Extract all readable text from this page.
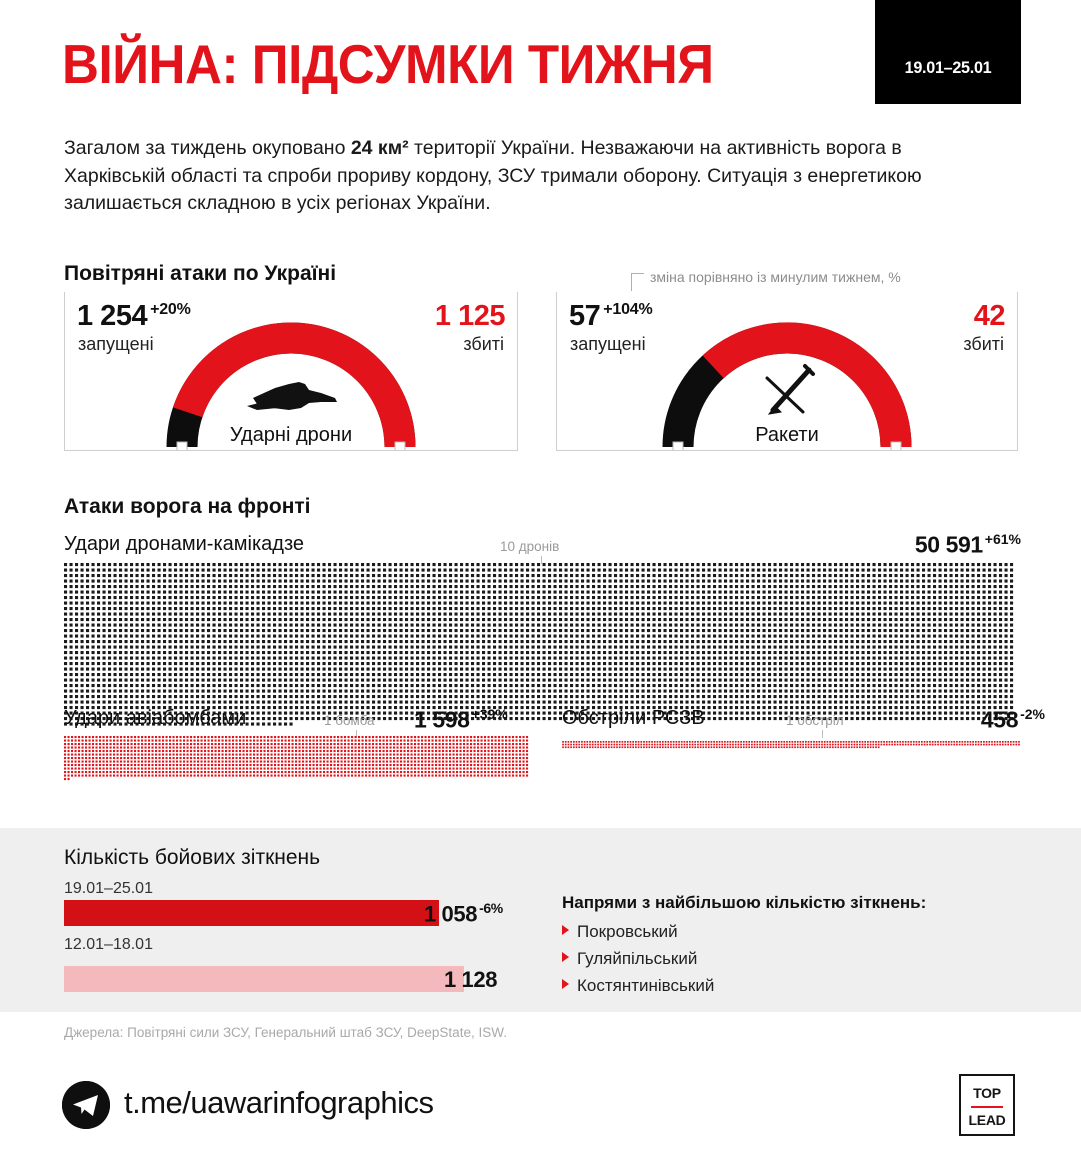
ВІЙНА: ПІДСУМКИ ТИЖНЯ	19.01–25.01
Загалом за тиждень окуповано 24 км² території України. Незважаючи на активність ворога в Харківській області та спроби прориву кордону, ЗСУ тримали оборону. Ситуація з енергетикою залишається складною в усіх регіонах України.
Повітряні атаки по Україні	зміна порівняно із минулим тижнем, %
1 254 $^{+20\%}$
запущені
1 125
збиті
Ударні дрони
57 $^{+104\%}$
запущені
42
збиті
Ракети
Атаки ворога на фронті
Удари дронами-камікадзе	10 дронів	50 591 $^{+61\%}$
Удари авіабомбами	1 бомба 1 598 $^{+39\%}$	Обстріли РСЗВ	1 обстріл	458 $^{-2\%}$
Кількість бойових зіткнень
19.01–25.01
1 058 $^{-6\%}$
12.01–18.01
1 128
Напрями з найбільшою кількістю зіткнень:
Покровський
Гуляйпільський
Костянтинівський
Джерела: Повітряні сили ЗСУ, Генеральний штаб ЗСУ, DeepState, ISW.
t.me/uawarinfographics	TOP
LEAD
